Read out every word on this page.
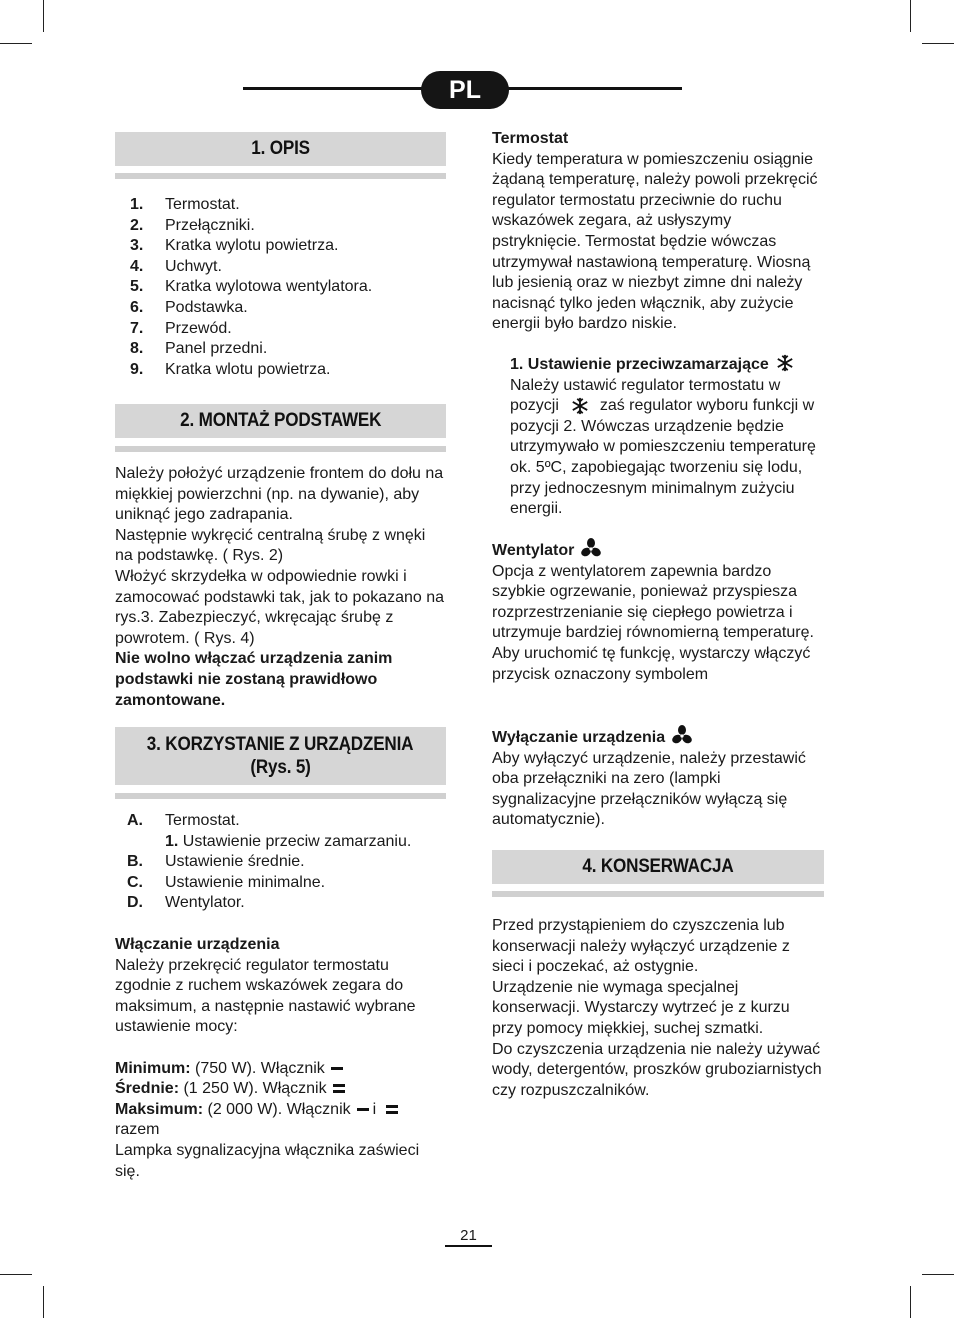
PL
1. OPIS
1.	Termostat.
2.	Przełączniki.
3.	Kratka wylotu powietrza.
4.	Uchwyt.
5.	Kratka wylotowa wentylatora.
6.	Podstawka.
7.	Przewód.
8.	Panel przedni.
9.	Kratka wlotu powietrza.
2. MONTAŻ PODSTAWEK

Należy położyć urządzenie frontem do dołu na miękkiej powierzchni (np. na dywanie), aby uniknąć jego zadrapania.

Następnie wykręcić centralną śrubę z wnęki na podstawkę. ( Rys. 2)

Włożyć skrzydełka w odpowiednie rowki i zamocować podstawki tak, jak to pokazano na rys.3. Zabezpieczyć, wkręcając śrubę z powrotem. ( Rys. 4)

Nie wolno włączać urządzenia zanim podstawki nie zostaną prawidłowo zamontowane.

3. KORZYSTANIE Z URZĄDZENIA
(Rys. 5)
A.	Termostat.
1. Ustawienie przeciw zamarzaniu.
B.	Ustawienie średnie.
C.	Ustawienie minimalne.
D.	Wentylator.

Włączanie urządzenia

Należy przekręcić regulator termostatu zgodnie z ruchem wskazówek zegara do maksimum, a następnie nastawić wybrane ustawienie mocy:

Minimum: (750 W). Włącznik

Średnie: (1 250 W). Włącznik

Maksimum: (2 000 W). Włącznik i

razem

Lampka sygnalizacyjna włącznika zaświeci się.

Termostat

Kiedy temperatura w pomieszczeniu osiągnie żądaną temperaturę, należy powoli przekręcić regulator termostatu przeciwnie do ruchu wskazówek zegara, aż usłyszymy pstryknięcie. Termostat będzie wówczas utrzymywał nastawioną temperaturę. Wiosną lub jesienią oraz w niezbyt zimne dni należy nacisnąć tylko jeden włącznik, aby zużycie energii było bardzo niskie.

1. Ustawienie przeciwzamarzające

Należy ustawić regulator termostatu w pozycji	zaś regulator wyboru funkcji w pozycji 2. Wówczas urządzenie będzie utrzymywało w pomieszczeniu temperaturę ok. 5ºC, zapobiegając tworzeniu się lodu, przy jednoczesnym minimalnym zużyciu energii.

Wentylator

Opcja z wentylatorem zapewnia bardzo szybkie ogrzewanie, ponieważ przyspiesza rozprzestrzenianie się ciepłego powietrza i utrzymuje bardziej równomierną temperaturę. Aby uruchomić tę funkcję, wystarczy włączyć przycisk oznaczony symbolem

Wyłączanie urządzenia

Aby wyłączyć urządzenie, należy przestawić oba przełączniki na zero (lampki sygnalizacyjne przełączników wyłączą się automatycznie).

4. KONSERWACJA

Przed przystąpieniem do czyszczenia lub konserwacji należy wyłączyć urządzenie z sieci i poczekać, aż ostygnie.

Urządzenie nie wymaga specjalnej konserwacji. Wystarczy wytrzeć je z kurzu przy pomocy miękkiej, suchej szmatki.

Do czyszczenia urządzenia nie należy używać wody, detergentów, proszków gruboziarnistych czy rozpuszczalników.

21
